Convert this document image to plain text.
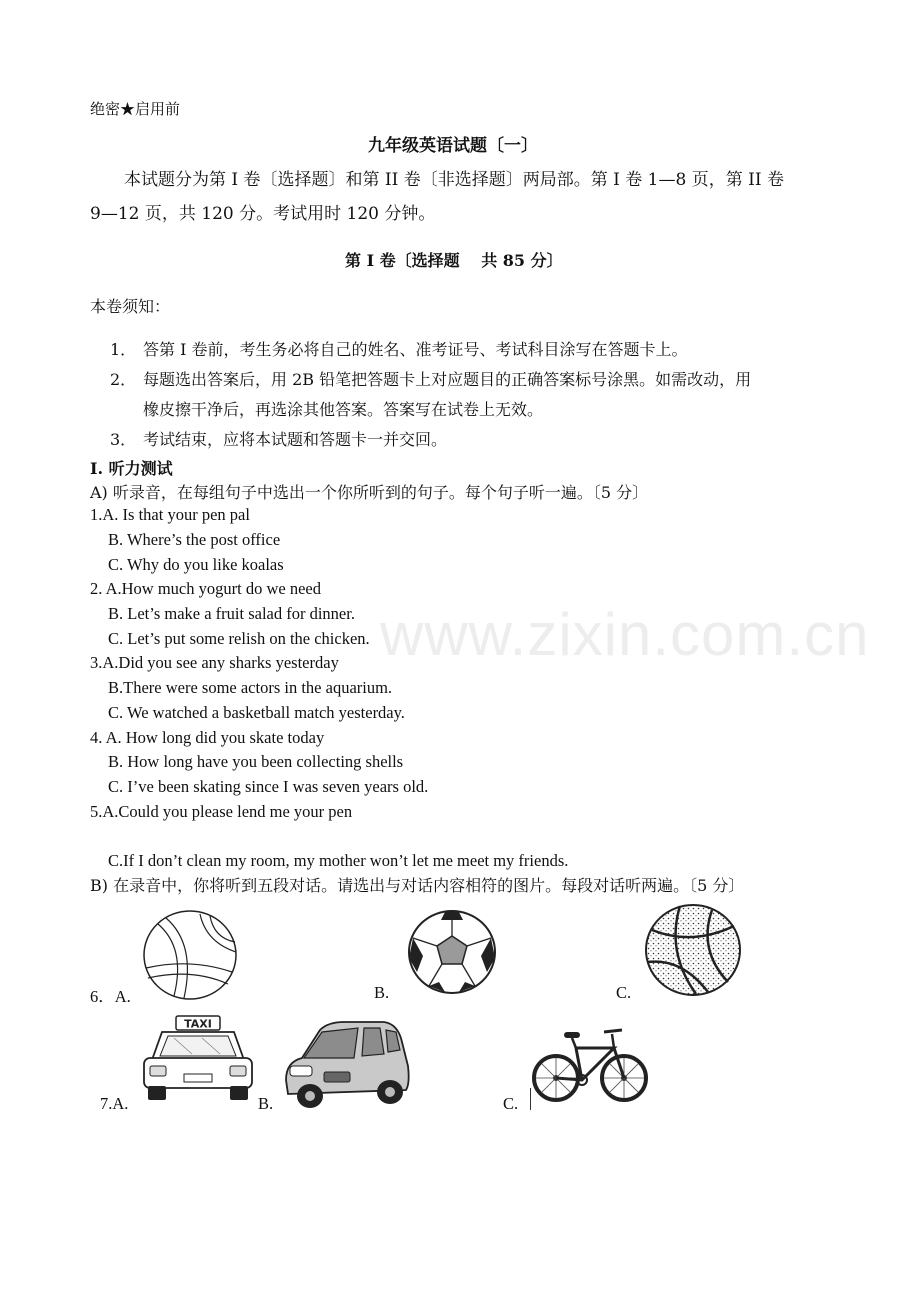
www.zixin.com.cn
绝密★启用前
九年级英语试题〔一〕
本试题分为第 I 卷〔选择题〕和第 II 卷〔非选择题〕两局部。第 I 卷 1—8 页，第 II 卷
9—12 页，共 120 分。考试用时 120 分钟。
第 I 卷〔选择题　 共 85 分〕
本卷须知：
1． 答第 I 卷前，考生务必将自己的姓名、准考证号、考试科目涂写在答题卡上。
2． 每题选出答案后，用 2B 铅笔把答题卡上对应题目的正确答案标号涂黑。如需改动，用
橡皮擦干净后，再选涂其他答案。答案写在试卷上无效。
3． 考试结束，应将本试题和答题卡一并交回。
I. 听力测试
A) 听录音，在每组句子中选出一个你所听到的句子。每个句子听一遍。〔5 分〕
1.A. Is that your pen pal
B. Where’s the post office
C. Why do you like koalas
2. A.How much yogurt do we need
B. Let’s make a fruit salad for dinner.
C. Let’s put some relish on the chicken.
3.A.Did you see any sharks yesterday
B.There were some actors in the aquarium.
C. We watched a basketball match yesterday.
4. A. How long did you skate today
B. How long have you been collecting shells
C. I’ve been skating since I was seven years old.
5.A.Could you please lend me your pen
C.If I don’t clean my room, my mother won’t let me meet my friends.
B) 在录音中，你将听到五段对话。请选出与对话内容相符的图片。每段对话听两遍。〔5 分〕
6．A.	B.	C.
7.A.
TAXI
B.	C.
